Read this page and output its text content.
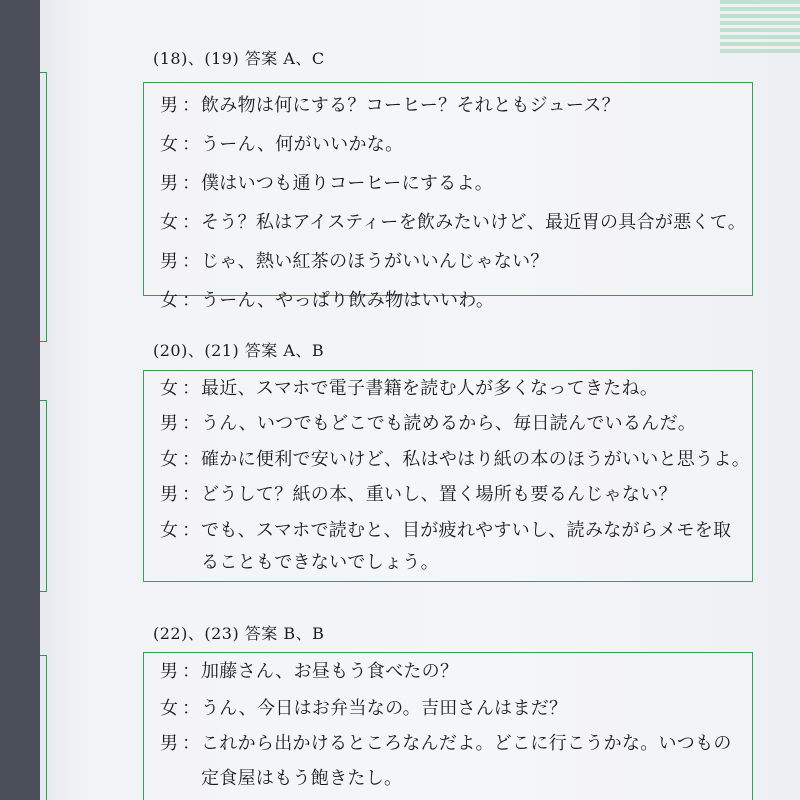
(18)、(19) 答案 A、C
男 ： 飲み物は何にする？コーヒー？それともジュース？
女 ： うーん、何がいいかな。
男 ： 僕はいつも通りコーヒーにするよ。
女 ： そう？私はアイスティーを飲みたいけど、最近胃の具合が悪くて。
男 ： じゃ、熱い紅茶のほうがいいんじゃない？
女 ： うーん、やっぱり飲み物はいいわ。
(20)、(21) 答案 A、B
女 ： 最近、スマホで電子書籍を読む人が多くなってきたね。
男 ： うん、いつでもどこでも読めるから、毎日読んでいるんだ。
女 ： 確かに便利で安いけど、私はやはり紙の本のほうがいいと思うよ。
男 ： どうして？紙の本、重いし、置く場所も要るんじゃない？
女 ： でも、スマホで読むと、目が疲れやすいし、読みながらメモを取
ることもできないでしょう。
(22)、(23) 答案 B、B
男 ： 加藤さん、お昼もう食べたの？
女 ： うん、今日はお弁当なの。吉田さんはまだ？
男 ： これから出かけるところなんだよ。どこに行こうかな。いつもの
定食屋はもう飽きたし。
